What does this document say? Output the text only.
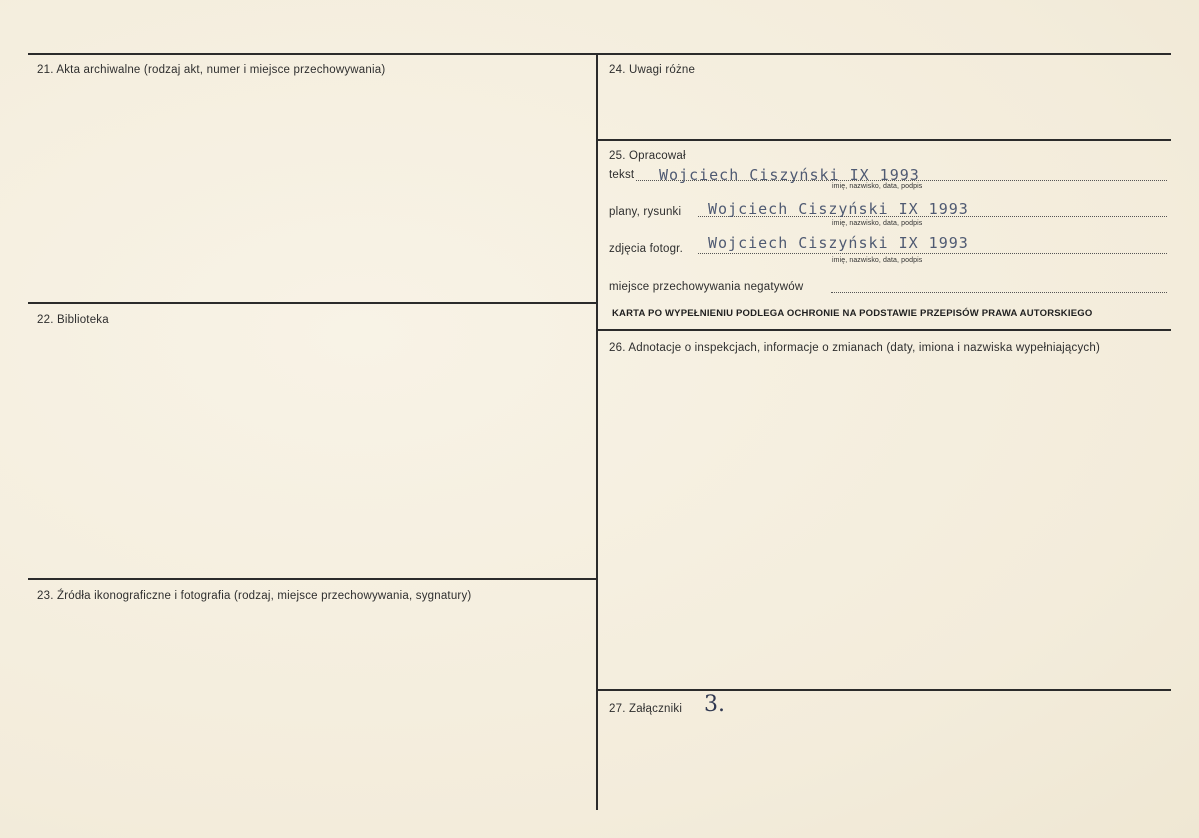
21. Akta archiwalne (rodzaj akt, numer i miejsce przechowywania)
22. Biblioteka
23. Źródła ikonograficzne i fotografia (rodzaj, miejsce przechowywania, sygnatury)
24. Uwagi różne
25. Opracował
tekst Wojciech Ciszyński IX 1993
imię, nazwisko, data, podpis
plany, rysunki Wojciech Ciszyński IX 1993
imię, nazwisko, data, podpis
zdjęcia fotogr. Wojciech Ciszyński IX 1993
imię, nazwisko, data, podpis
miejsce przechowywania negatywów
KARTA PO WYPEŁNIENIU PODLEGA OCHRONIE NA PODSTAWIE PRZEPISÓW PRAWA AUTORSKIEGO
26. Adnotacje o inspekcjach, informacje o zmianach (daty, imiona i nazwiska wypełniających)
27. Załączniki 3.
